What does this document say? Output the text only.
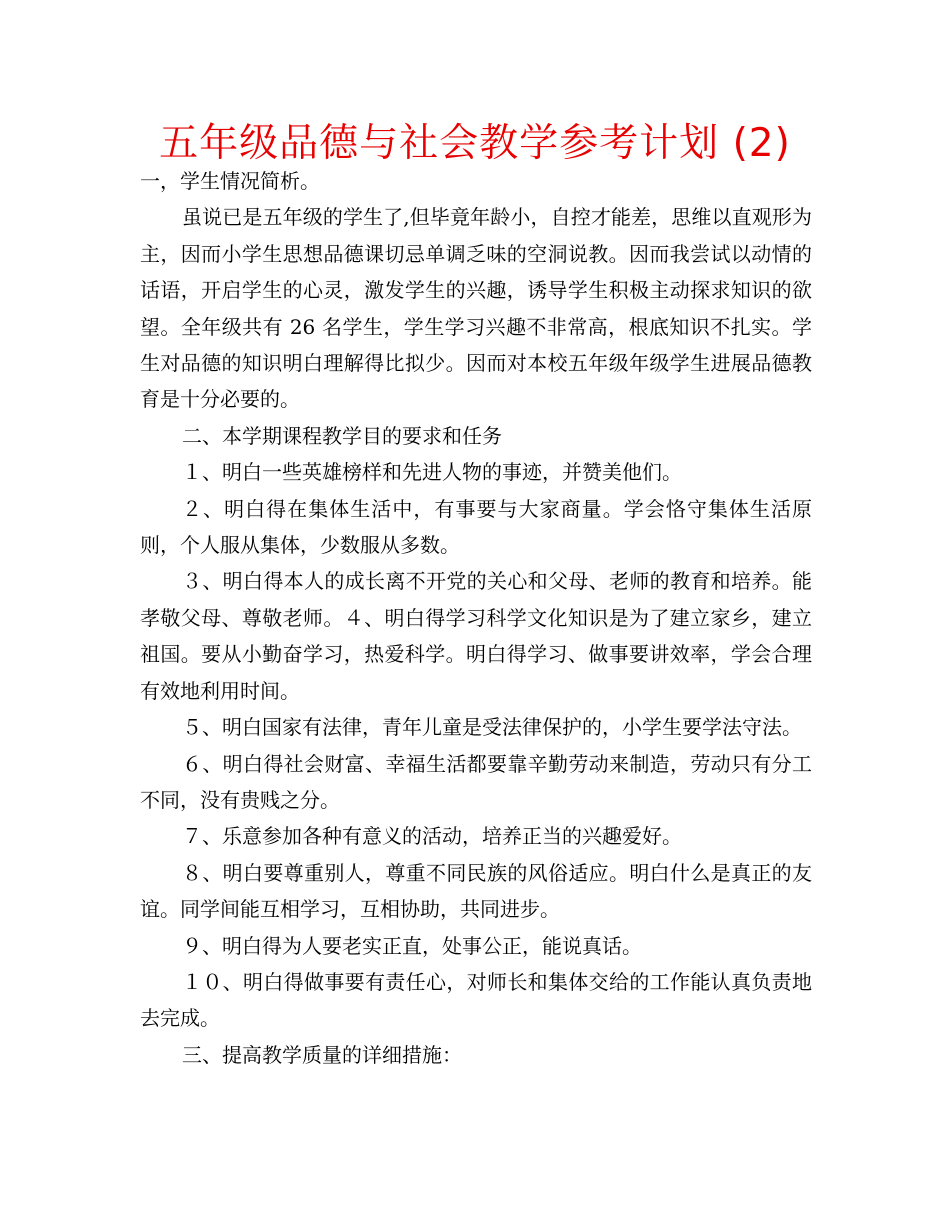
五年级品德与社会教学参考计划 (2)

一，学生情况简析。

虽说已是五年级的学生了,但毕竟年龄小，自控才能差，思维以直观形为主，因而小学生思想品德课切忌单调乏味的空洞说教。因而我尝试以动情的话语，开启学生的心灵，激发学生的兴趣，诱导学生积极主动探求知识的欲望。全年级共有 26 名学生，学生学习兴趣不非常高，根底知识不扎实。学生对品德的知识明白理解得比拟少。因而对本校五年级年级学生进展品德教育是十分必要的。

二、本学期课程教学目的要求和任务

１、明白一些英雄榜样和先进人物的事迹，并赞美他们。

２、明白得在集体生活中，有事要与大家商量。学会恪守集体生活原则，个人服从集体，少数服从多数。

３、明白得本人的成长离不开党的关心和父母、老师的教育和培养。能孝敬父母、尊敬老师。４、明白得学习科学文化知识是为了建立家乡，建立祖国。要从小勤奋学习，热爱科学。明白得学习、做事要讲效率，学会合理有效地利用时间。

５、明白国家有法律，青年儿童是受法律保护的，小学生要学法守法。

６、明白得社会财富、幸福生活都要靠辛勤劳动来制造，劳动只有分工不同，没有贵贱之分。

７、乐意参加各种有意义的活动，培养正当的兴趣爱好。

８、明白要尊重别人，尊重不同民族的风俗适应。明白什么是真正的友谊。同学间能互相学习，互相协助，共同进步。

９、明白得为人要老实正直，处事公正，能说真话。

１０、明白得做事要有责任心，对师长和集体交给的工作能认真负责地去完成。

三、提高教学质量的详细措施：
